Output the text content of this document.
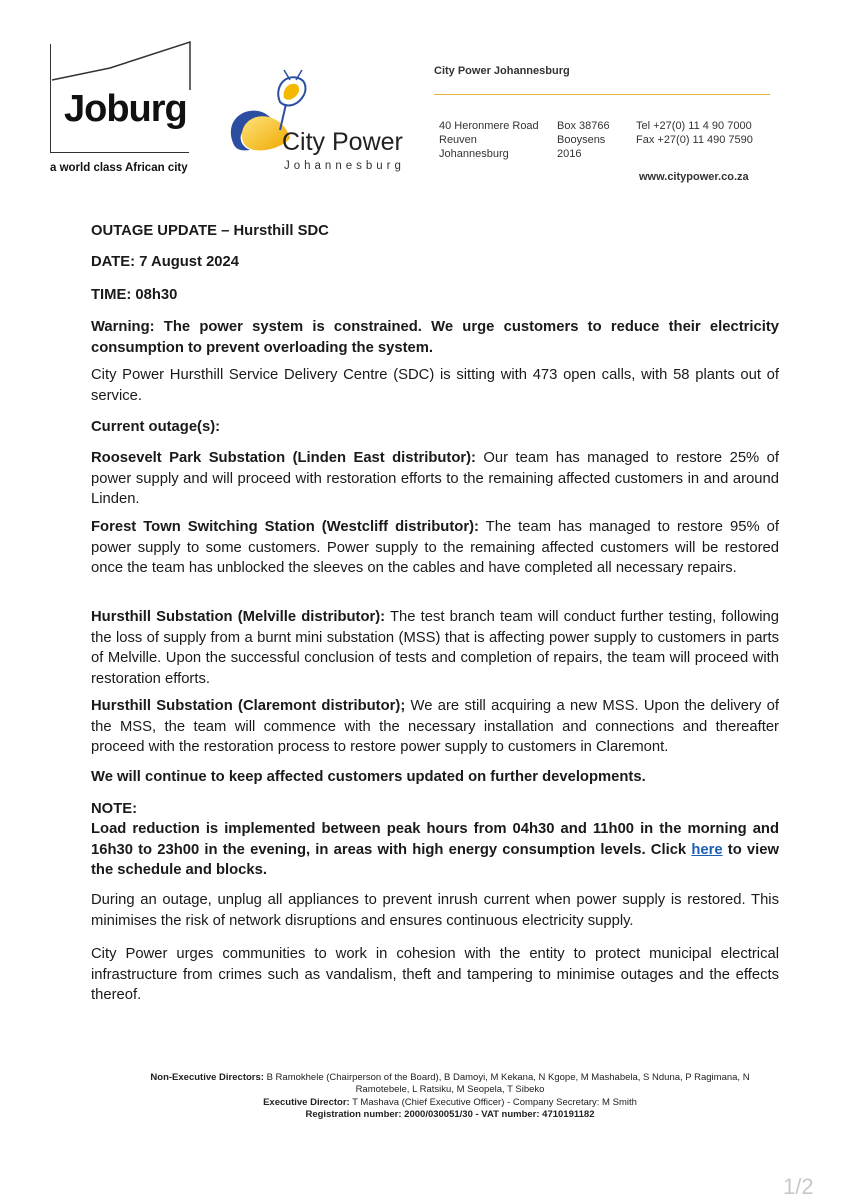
Joburg
a world class African city
City Power
Johannesburg
City Power Johannesburg
40 Heronmere Road
Reuven
Johannesburg
Box 38766
Booysens
2016
Tel +27(0) 11 4 90 7000
Fax +27(0) 11 490 7590
www.citypower.co.za
OUTAGE UPDATE – Hursthill SDC
DATE: 7 August 2024
TIME: 08h30
Warning: The power system is constrained. We urge customers to reduce their electricity consumption to prevent overloading the system.
City Power Hursthill Service Delivery Centre (SDC) is sitting with 473 open calls, with 58 plants out of service.
Current outage(s):
Roosevelt Park Substation (Linden East distributor): Our team has managed to restore 25% of power supply and will proceed with restoration efforts to the remaining affected customers in and around Linden.
Forest Town Switching Station (Westcliff distributor): The team has managed to restore 95% of power supply to some customers. Power supply to the remaining affected customers will be restored once the team has unblocked the sleeves on the cables and have completed all necessary repairs.
Hursthill Substation (Melville distributor): The test branch team will conduct further testing, following the loss of supply from a burnt mini substation (MSS) that is affecting power supply to customers in parts of Melville. Upon the successful conclusion of tests and completion of repairs, the team will proceed with restoration efforts.
Hursthill Substation (Claremont distributor); We are still acquiring a new MSS. Upon the delivery of the MSS, the team will commence with the necessary installation and connections and thereafter proceed with the restoration process to restore power supply to customers in Claremont.
We will continue to keep affected customers updated on further developments.
NOTE:
Load reduction is implemented between peak hours from 04h30 and 11h00 in the morning and 16h30 to 23h00 in the evening, in areas with high energy consumption levels. Click here to view the schedule and blocks.
During an outage, unplug all appliances to prevent inrush current when power supply is restored. This minimises the risk of network disruptions and ensures continuous electricity supply.
City Power urges communities to work in cohesion with the entity to protect municipal electrical infrastructure from crimes such as vandalism, theft and tampering to minimise outages and the effects thereof.
Non-Executive Directors: B Ramokhele (Chairperson of the Board), B Damoyi, M Kekana, N Kgope, M Mashabela, S Nduna, P Ragimana, N Ramotebele, L Ratsiku, M Seopela, T Sibeko
Executive Director: T Mashava (Chief Executive Officer) - Company Secretary: M Smith
Registration number: 2000/030051/30 - VAT number: 4710191182
1/2
